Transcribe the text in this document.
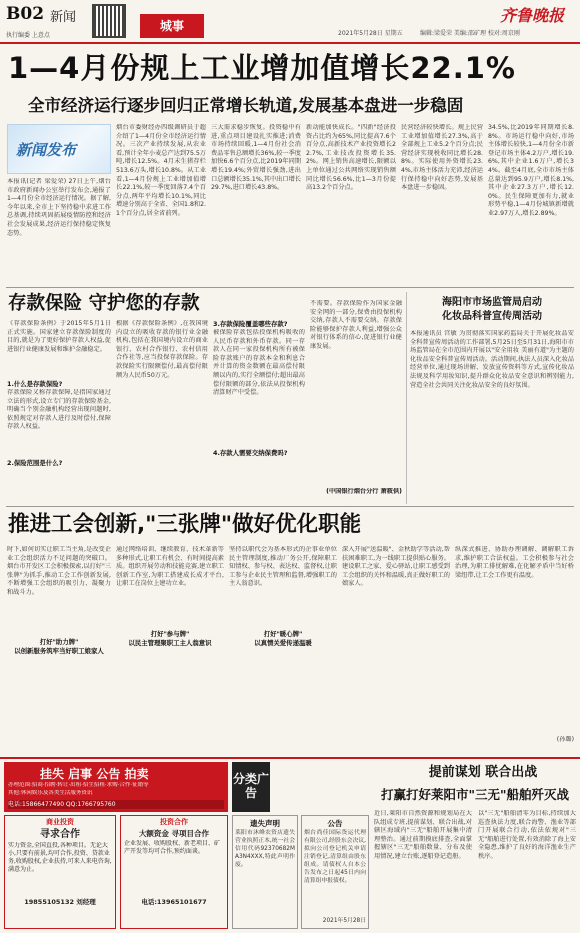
B02 新闻
执行编委 上意点
城事
2021年5月28日 星期五	编辑:梁爱荣 美编:邵矿理 校对:周京刚
齐鲁晚报
1—4月份规上工业增加值增长22.1%
全市经济运行逐步回归正常增长轨道,发展基本盘进一步稳固
新闻发布
本报讯(记者 梁爱荣) 27日上午,烟台市政府新闻办公室举行发布会,通报了1—4月份全市经济运行情况。据了解,今年以来,全市上下坚持稳中求进工作总基调,持续巩固拓展疫情防控和经济社会发展成果,经济运行保持稳定恢复态势。
烟台市委财经办四级调研员于超介绍了1—4月份全市经济运行情况。三次产业持续发展,从农业看,预计全年小麦总产达到75.5万吨,增长12.5%。4月末生猪存栏513.6万头,增长10.8%。从工业看,1—4月份规上工业增加值增长22.1%,较一季度回落7.4个百分点,两年平均增长10.1%,同比增速分别高于全省、全国1.8和2.1个百分点,居全省前列。
三大需求稳步恢复。投资稳中有进,重点项目建设扎实推进;消费市场持续回暖,1—4月份社会消费品零售总额增长36%,较一季度加快6.6个百分点,比2019年同期增长19.4%;外贸增长强劲,进出口总额增长35.1%,其中出口增长29.7%,进口增长43.8%。
新动能加快成长。"四新"经济投资占比约为65%,同比提高7.6个百分点,高新技术产业投资增长22.7%,工业技改投资增长35.2%。网上销售高速增长,限额以上单位通过公共网络实现销售额同比增长56.6%,比1—3月份提高13.2个百分点。
民营经济较快增长。规上民营工业增加值增长27.3%,高于全部规上工业5.2个百分点;民营经济实现税收同比增长28.8%。实际使用外资增长23.4%,市场主体活力充沛,经济运行保持稳中向好态势,发展基本盘进一步稳固。
34.5%,比2019年同期增长8.8%。市场运行稳中向好,市场主体增长较快,1—4月份全市新登记市场主体4.2万户,增长19.6%,其中企业1.6万户,增长34%。截至4月底,全市市场主体总量达到95.9万户,增长8.1%,其中企业27.3万户,增长12.0%。民生保障更加有力,就业形势平稳,1—4月份城镇新增就业2.97万人,增长2.89%。
存款保险 守护您的存款
《存款保险条例》于2015年5月1日正式实施。国家建立存款保险制度的目的,就是为了更好保护存款人权益,促进银行业健康发展和维护金融稳定。
1.什么是存款保险?
存款保险又称存款保障,是指国家通过立法的形式,设立专门的存款保险基金,明确当个别金融机构经营出现问题时,依照规定对存款人进行及时偿付,保障存款人权益。
2.保险范围是什么?
根据《存款保险条例》,在我国境内设立的吸收存款的银行业金融机构,包括在我国境内设立的商业银行、农村合作银行、农村信用合作社等,应当投保存款保险。存款保险实行限额偿付,最高偿付限额为人民币50万元。
3.存款保险覆盖哪些存款?
被保险存款包括投保机构吸收的人民币存款和外币存款。同一存款人在同一家投保机构所有被保险存款账户的存款本金和利息合并计算的资金数额在最高偿付限额以内的,实行全额偿付;超出最高偿付限额的部分,依法从投保机构清算财产中受偿。
4.存款人需要交纳保费吗?
不需要。存款保险作为国家金融安全网的一部分,保费由投保机构交纳,存款人不需要交纳。存款保险能够保护存款人利益,增强公众对银行体系的信心,促进银行业健康发展。
(中国银行烟台分行 萧筱供)
海阳市市场监管局启动
化妆品科普宣传周活动
本报通讯员 宫敏 为贯彻落实国家药监局关于开展化妆品安全科普宣传周活动的工作部署,5月25日至5月31日,海阳市市场监管局在全市范围内开展以"安全用妆 美丽有道"为主题的化妆品安全科普宣传周活动。活动期间,执法人员深入化妆品经营单位,通过现场讲解、发放宣传资料等方式,宣传化妆品法规及科学用妆知识,提升群众化妆品安全意识和辨别能力,营造全社会共同关注化妆品安全的良好氛围。
推进工会创新,"三张牌"做好优化职能
时下,如何切实让职工当主角,是改变企业工会组织活力不足问题的突破口。烟台市开发区工会积极探索,以打好"三张牌"为抓手,推动工会工作创新发展,不断增强工会组织的吸引力、凝聚力和战斗力。
打好"助力牌"
以创新服务筑牢当好职工娘家人
通过网络培训、继续教育、技术革新等多种形式,让职工有机会、有时间提高素质。组织开展劳动和技能竞赛,建立职工创新工作室,为职工搭建成长成才平台,让职工在岗位上建功立业。
打好"参与牌"
以民主管理聚职工主人翁意识
坚持以职代会为基本形式的企事业单位民主管理制度,推动厂务公开,保障职工知情权、参与权、表达权、监督权,让职工参与企业民主管理和监督,增强职工的主人翁意识。
打好"暖心牌"
以真情关爱传递温暖
深入开展"送温暖"、金秋助学等活动,帮扶困难职工,为一线职工提供贴心服务。建设职工之家、爱心驿站,让职工感受到工会组织的关怀和温暖,真正做好职工的娘家人。
纵深式推进、协助办理调解、调解职工诉求,维护职工合法权益。工会积极参与社会治理,为职工排忧解难,在化解矛盾中当好桥梁纽带,让工会工作更有温度。
(孙璐)
挂失 启事 公告 拍卖
办理范围:招商·招聘·转让·出租·招生招租·求购·合作·征婚等
其他:休闲娱乐及各类生活服务资讯
电话:15866477490 QQ:1766795760
分类广告
商业投资
寻求合作
实力资金,全国直投,各种项目。无论大小,只要有前景,均可合作,投资、贷款业务,收购股权,企业扶持,可来人来电咨询,满意为止。
19855105132 刘经理
投资合作
大额资金 寻项目合作
企业发展、收购股权、新老项目、矿产开发等均可合作,预约面谈。
电话:13965101677
遗失声明
莱阳市沐峰农资店遗失营业执照正本,统一社会信用代码92370682MA3N4XXX,特此声明作废。
公告
烟台尚佳国际货运代理有限公司,经股东会决议,拟向公司登记机关申请注销登记,清算组由股东组成。请债权人自本公告发布之日起45日内向清算组申报债权。
2021年5月28日
提前谋划 联合出战
打赢打好莱阳市"三无"船舶歼灭战
近日,莱阳市自然资源和规划局在大队组成专班,提前谋划、联合出战,对辖区海域内"三无"船舶开展集中清理整治。通过前期摸底排查,全面掌握辖区"三无"船舶数量、分布及使用情况,建立台账,逐船登记造册。
以"三无"船舶清零为目标,持续加大巡查执法力度,联合海警、渔业等部门开展联合行动,依法依规对"三无"船舶进行处置,有效消除了海上安全隐患,维护了良好的海洋渔业生产秩序。
